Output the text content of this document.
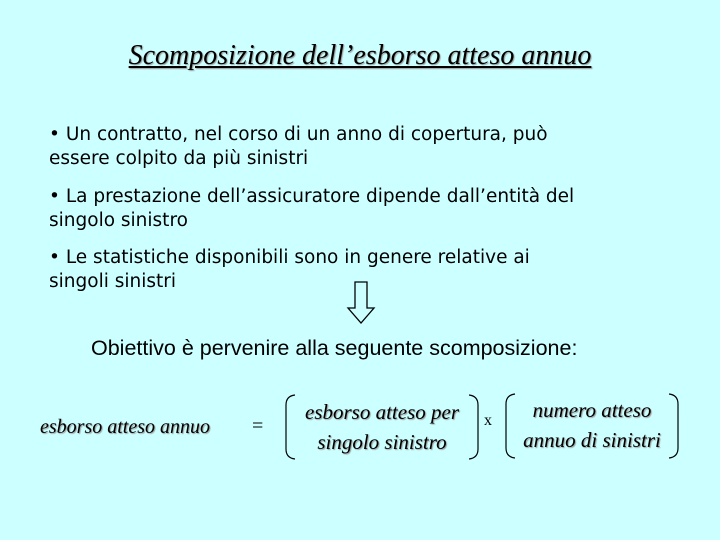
Scomposizione dell’esborso atteso annuo
• Un contratto, nel corso di un anno di copertura, può
essere colpito da più sinistri
• La prestazione dell’assicuratore dipende dall’entità del
singolo sinistro
• Le statistiche disponibili sono in genere relative ai
singoli sinistri
Obiettivo è pervenire alla seguente scomposizione:
esborso atteso annuo =
esborso atteso per
singolo sinistro
x	numero atteso
annuo di sinistri
